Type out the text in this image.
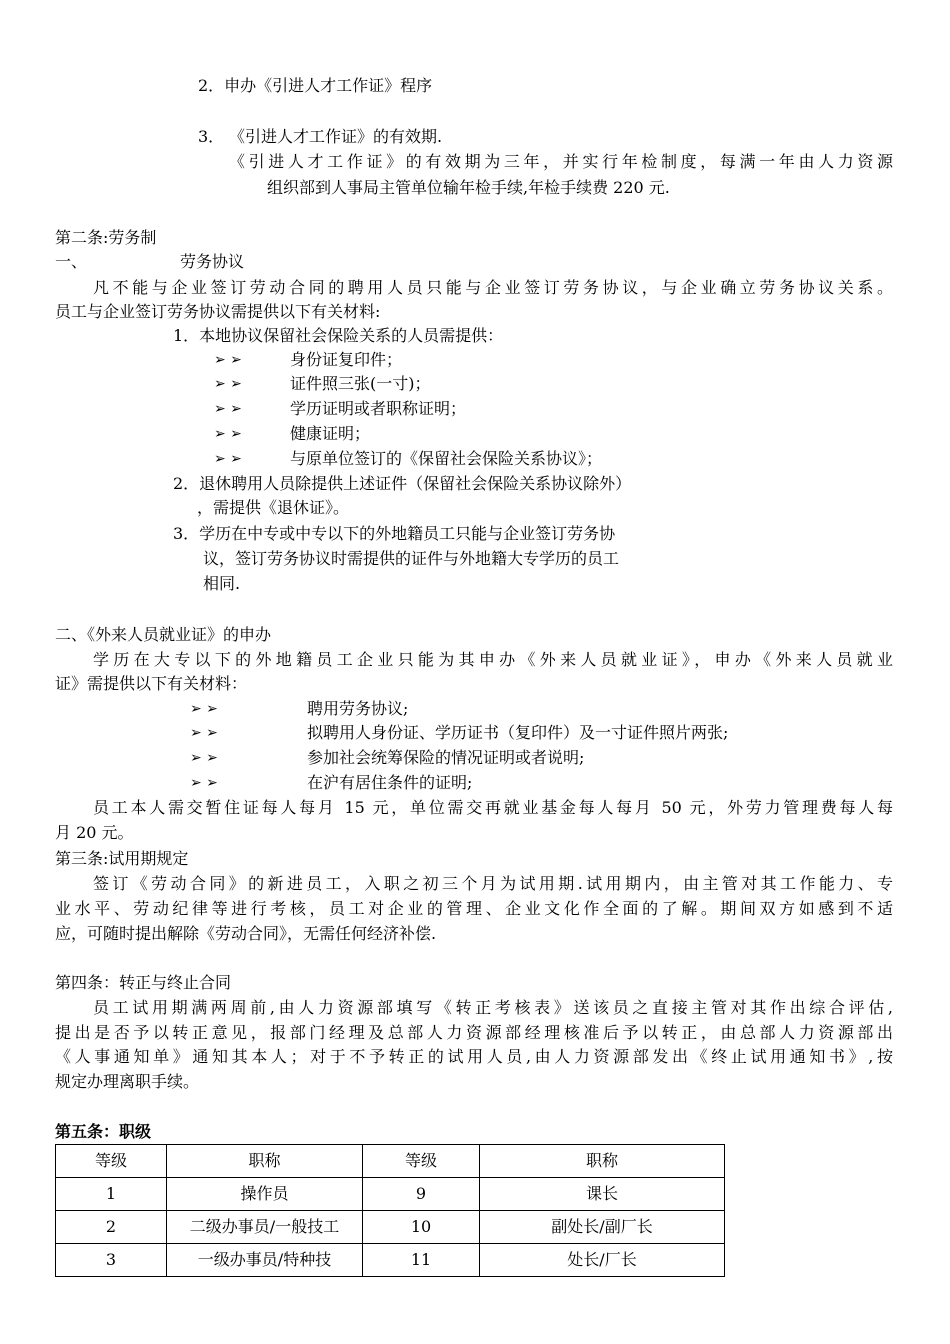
2．申办《引进人才工作证》程序
3． 《引进人才工作证》的有效期.
《引进人才工作证》的有效期为三年，并实行年检制度，每满一年由人力资源
组织部到人事局主管单位输年检手续,年检手续费 220 元.
第二条:劳务制
一、	劳务协议
凡不能与企业签订劳动合同的聘用人员只能与企业签订劳务协议，与企业确立劳务协议关系。
员工与企业签订劳务协议需提供以下有关材料:
1．本地协议保留社会保险关系的人员需提供：
➢ ➢	身份证复印件；
➢ ➢	证件照三张(一寸)；
➢ ➢	学历证明或者职称证明；
➢ ➢	健康证明；
➢ ➢	与原单位签订的《保留社会保险关系协议》；
2．退休聘用人员除提供上述证件（保留社会保险关系协议除外）
，需提供《退休证》。
3．学历在中专或中专以下的外地籍员工只能与企业签订劳务协
议，签订劳务协议时需提供的证件与外地籍大专学历的员工
相同.
二、《外来人员就业证》的申办
学历在大专以下的外地籍员工企业只能为其申办《外来人员就业证》，申办《外来人员就业
证》需提供以下有关材料：
➢ ➢	聘用劳务协议;
➢ ➢	拟聘用人身份证、学历证书（复印件）及一寸证件照片两张;
➢ ➢	参加社会统筹保险的情况证明或者说明;
➢ ➢	在沪有居住条件的证明;
员工本人需交暂住证每人每月 15 元，单位需交再就业基金每人每月 50 元，外劳力管理费每人每
月 20 元。
第三条:试用期规定
签订《劳动合同》的新进员工，入职之初三个月为试用期.试用期内，由主管对其工作能力、专
业水平、劳动纪律等进行考核，员工对企业的管理、企业文化作全面的了解。期间双方如感到不适
应，可随时提出解除《劳动合同》，无需任何经济补偿.
第四条：转正与终止合同
员工试用期满两周前,由人力资源部填写《转正考核表》送该员之直接主管对其作出综合评估,
提出是否予以转正意见，报部门经理及总部人力资源部经理核准后予以转正，由总部人力资源部出
《人事通知单》通知其本人；对于不予转正的试用人员,由人力资源部发出《终止试用通知书》,按
规定办理离职手续。
第五条：职级
等级	职称	等级	职称
1	操作员	9	课长
2	二级办事员/一般技工	10	副处长/副厂长
3	一级办事员/特种技	11	处长/厂长
